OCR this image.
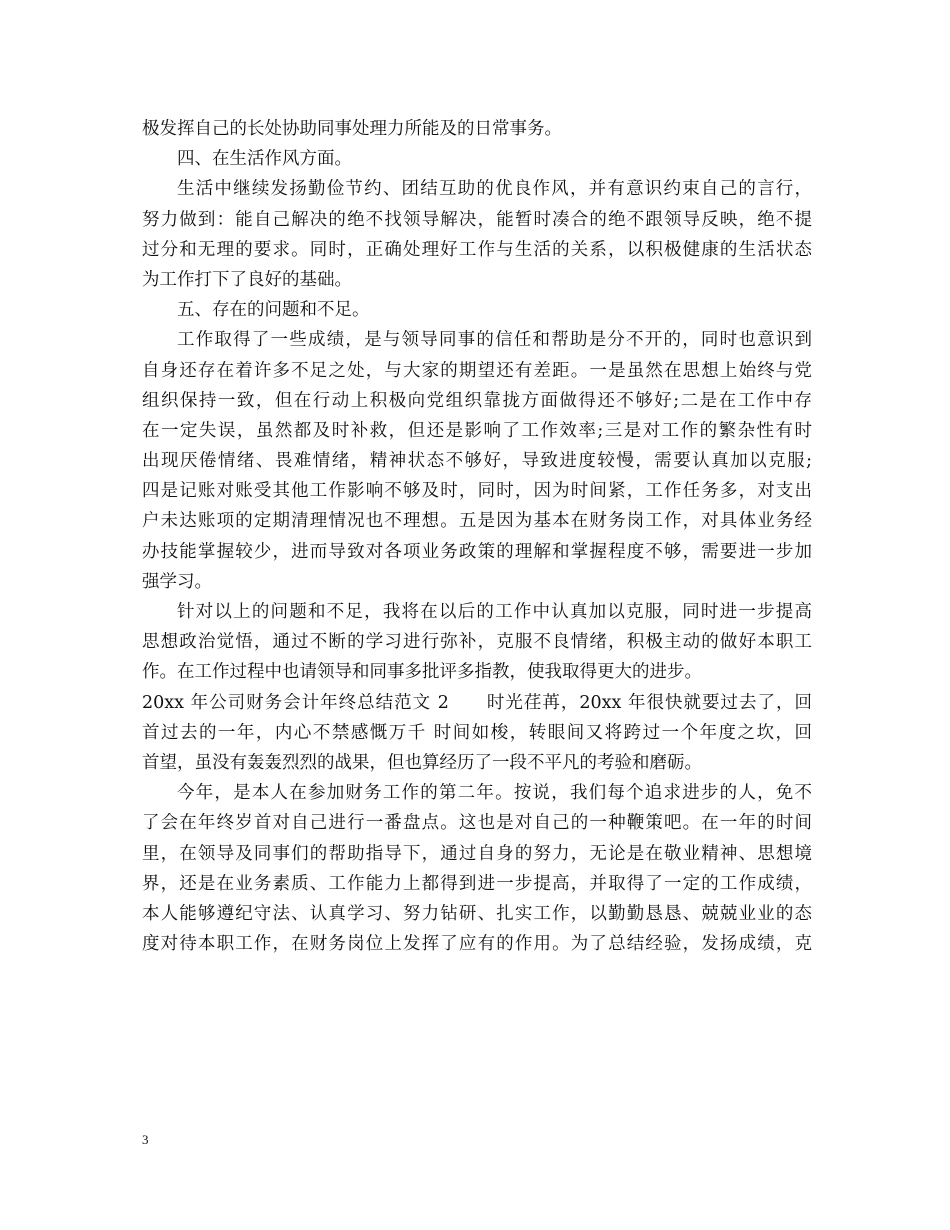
极发挥自己的长处协助同事处理力所能及的日常事务。
四、在生活作风方面。
生活中继续发扬勤俭节约、团结互助的优良作风，并有意识约束自己的言行，
努力做到：能自己解决的绝不找领导解决，能暂时凑合的绝不跟领导反映，绝不提
过分和无理的要求。同时，正确处理好工作与生活的关系，以积极健康的生活状态
为工作打下了良好的基础。
五、存在的问题和不足。
工作取得了一些成绩，是与领导同事的信任和帮助是分不开的，同时也意识到
自身还存在着许多不足之处，与大家的期望还有差距。一是虽然在思想上始终与党
组织保持一致，但在行动上积极向党组织靠拢方面做得还不够好;二是在工作中存
在一定失误，虽然都及时补救，但还是影响了工作效率;三是对工作的繁杂性有时
出现厌倦情绪、畏难情绪，精神状态不够好，导致进度较慢，需要认真加以克服;
四是记账对账受其他工作影响不够及时，同时，因为时间紧，工作任务多，对支出
户未达账项的定期清理情况也不理想。五是因为基本在财务岗工作，对具体业务经
办技能掌握较少，进而导致对各项业务政策的理解和掌握程度不够，需要进一步加
强学习。
针对以上的问题和不足，我将在以后的工作中认真加以克服，同时进一步提高
思想政治觉悟，通过不断的学习进行弥补，克服不良情绪，积极主动的做好本职工
作。在工作过程中也请领导和同事多批评多指教，使我取得更大的进步。
20xx 年公司财务会计年终总结范文 2　　时光荏苒，20xx 年很快就要过去了，回
首过去的一年，内心不禁感慨万千 时间如梭，转眼间又将跨过一个年度之坎，回
首望，虽没有轰轰烈烈的战果，但也算经历了一段不平凡的考验和磨砺。
今年，是本人在参加财务工作的第二年。按说，我们每个追求进步的人，免不
了会在年终岁首对自己进行一番盘点。这也是对自己的一种鞭策吧。在一年的时间
里，在领导及同事们的帮助指导下，通过自身的努力，无论是在敬业精神、思想境
界，还是在业务素质、工作能力上都得到进一步提高，并取得了一定的工作成绩，
本人能够遵纪守法、认真学习、努力钻研、扎实工作，以勤勤恳恳、兢兢业业的态
度对待本职工作，在财务岗位上发挥了应有的作用。为了总结经验，发扬成绩，克
3
